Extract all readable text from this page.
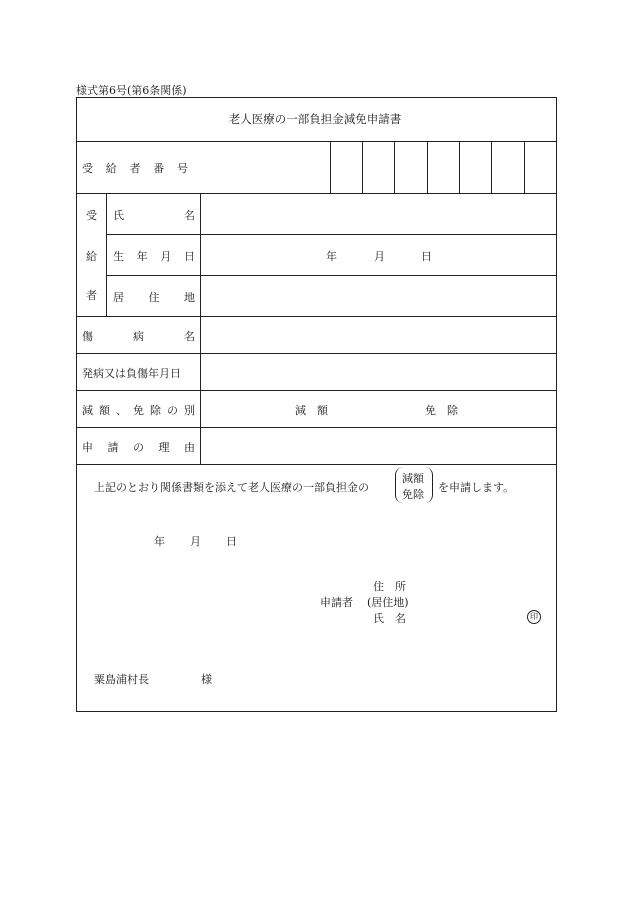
様式第6号(第6条関係)
老人医療の一部負担金減免申請書
受 給 者 番 号
受
給
者
氏	名
生 年 月 日	年	月	日
居 住 地
傷	病	名
発病又は負傷年月日
減 額 、 免 除 の 別	減　額	免　除
申 請 の 理 由
上記のとおり関係書類を添えて老人医療の一部負担金の
減額
免除
を申請します。
年 月 日
住　所
申請者 (居住地)
氏　名	印
粟島浦村長	様
